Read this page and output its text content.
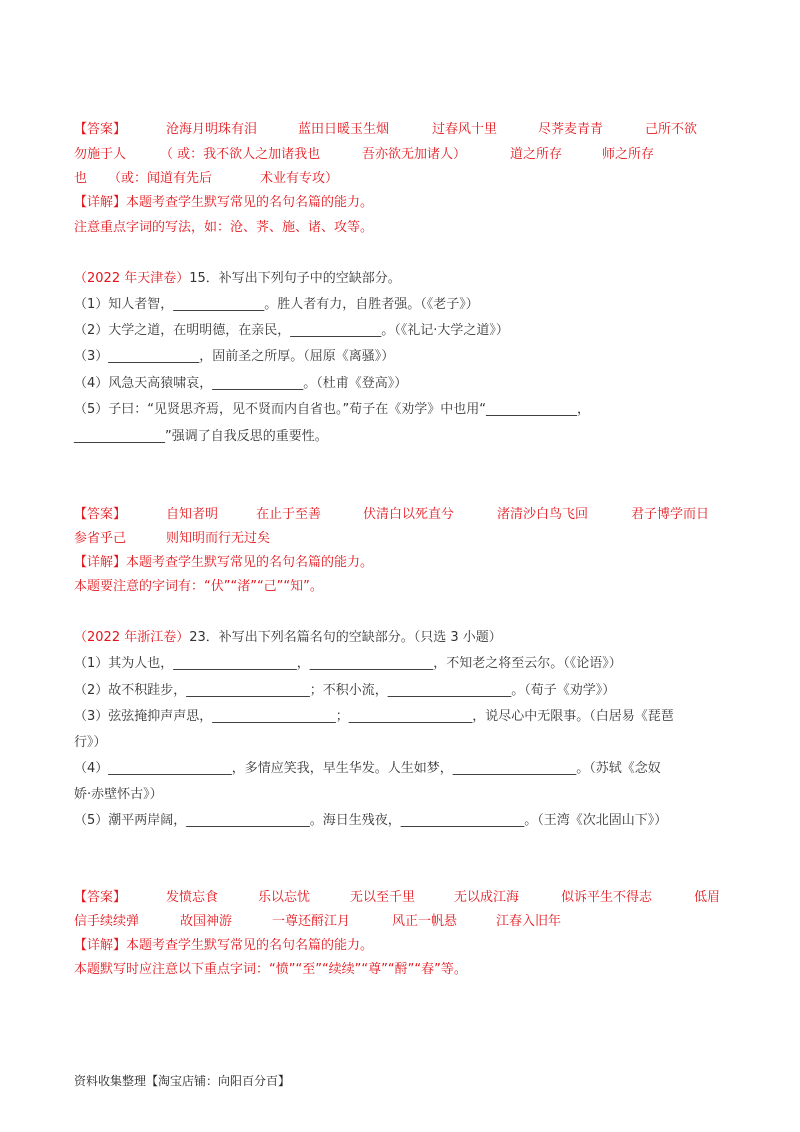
【答案】	沧海月明珠有泪	蓝田日暖玉生烟	过春风十里	尽荠麦青青	己所不欲
勿施于人	（ 或：我不欲人之加诸我也	吾亦欲无加诸人）	道之所存	师之所存
也 （或：闻道有先后	术业有专攻）
【详解】本题考查学生默写常见的名句名篇的能力。
注意重点字词的写法，如：沧、荠、施、诸、攻等。
（2022 年天津卷）15．补写出下列句子中的空缺部分。
（1）知人者智，______________。胜人者有力，自胜者强。（《老子》）
（2）大学之道，在明明德，在亲民，______________。（《礼记·大学之道》）
（3）______________，固前圣之所厚。（屈原《离骚》）
（4）风急天高猿啸哀，______________。（杜甫《登高》）
（5）子曰：“见贤思齐焉，见不贤而内自省也。”荀子在《劝学》中也用“______________，
______________”强调了自我反思的重要性。
【答案】	自知者明	在止于至善	伏清白以死直兮	渚清沙白鸟飞回	君子博学而日
参省乎己	则知明而行无过矣
【详解】本题考查学生默写常见的名句名篇的能力。
本题要注意的字词有：“伏”“渚”“己”“知”。
（2022 年浙江卷）23．补写出下列名篇名句的空缺部分。（只选 3 小题）
（1）其为人也，___________________，___________________，不知老之将至云尔。（《论语》）
（2）故不积跬步，___________________；不积小流，___________________。（荀子《劝学》）
（3）弦弦掩抑声声思，___________________；___________________，说尽心中无限事。（白居易《琵琶
行》）
（4）___________________，多情应笑我，早生华发。人生如梦，___________________。（苏轼《念奴
娇·赤壁怀古》）
（5）潮平两岸阔，___________________。海日生残夜，___________________。（王湾《次北固山下》）
【答案】	发愤忘食	乐以忘忧	无以至千里	无以成江海	似诉平生不得志	低眉
信手续续弹	故国神游	一尊还酹江月	风正一帆悬	江春入旧年
【详解】本题考查学生默写常见的名句名篇的能力。
本题默写时应注意以下重点字词：“愤”“至”“续续”“尊”“酹”“春”等。
资料收集整理【淘宝店铺：向阳百分百】
